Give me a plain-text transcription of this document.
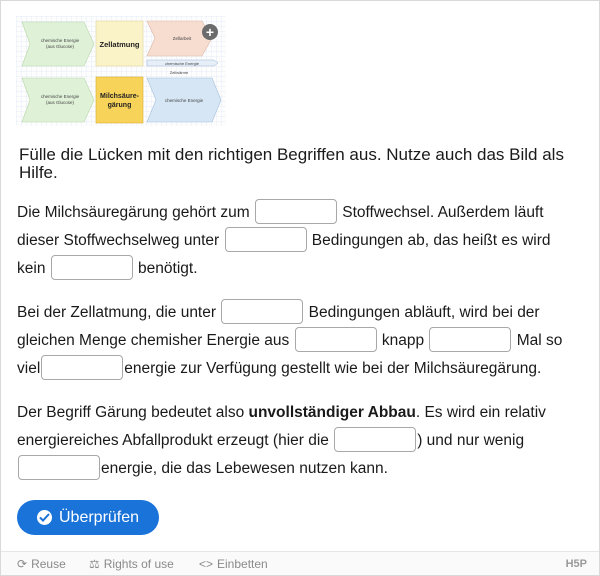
chemische Energie
(aus Glucose)	Zellatmung
Zellarbeit
chemische Energie
Zellwärme
chemische Energie
(aus Glucose)
Milchsäure-
gärung
chemische Energie
+
Fülle die Lücken mit den richtigen Begriffen aus. Nutze auch das Bild als Hilfe.
Die Milchsäuregärung gehört zum	Stoffwechsel. Außerdem läuft dieser Stoffwechselweg unter	Bedingungen ab, das heißt es wird kein	benötigt.
Bei der Zellatmung, die unter	Bedingungen abläuft, wird bei der gleichen Menge chemisher Energie aus	knapp	Mal so viel	energie zur Verfügung gestellt wie bei der Milchsäuregärung.
Der Begriff Gärung bedeutet also unvollständiger Abbau. Es wird ein relativ energiereiches Abfallprodukt erzeugt (hier die	) und nur wenig energie, die das Lebewesen nutzen kann.
Überprüfen
⟳ Reuse ⚖ Rights of use <> Einbetten	H5P
